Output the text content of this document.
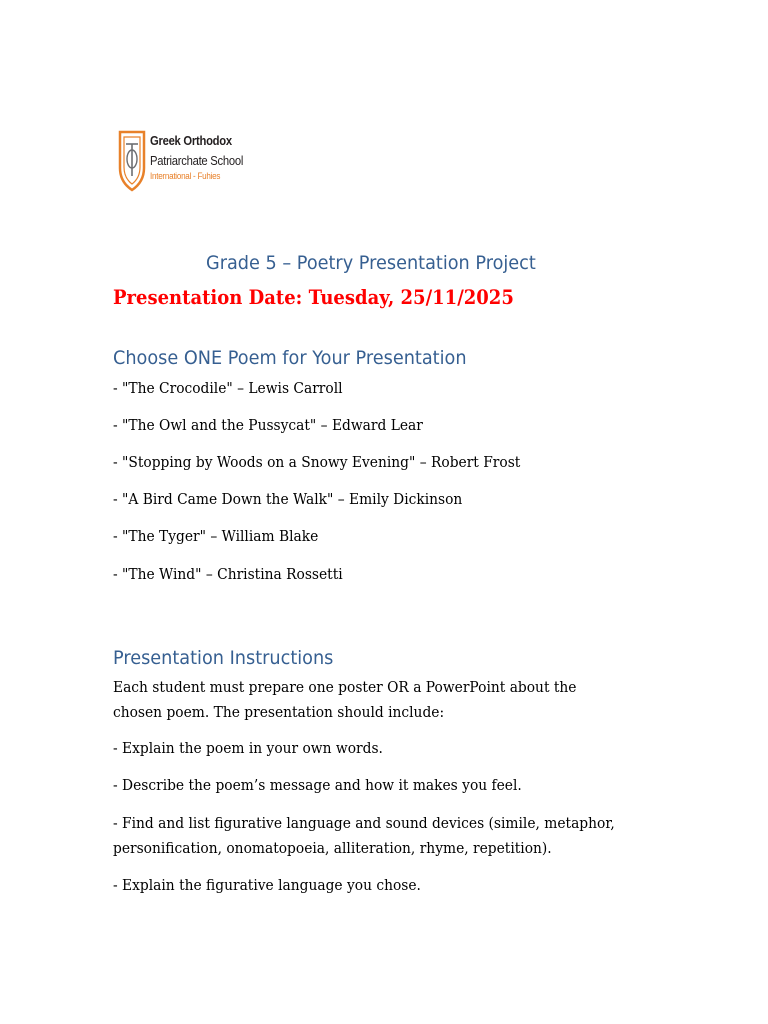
Greek Orthodox
Patriarchate School
International - Fuhies
Grade 5 – Poetry Presentation Project
Presentation Date: Tuesday, 25/11/2025
Choose ONE Poem for Your Presentation
- "The Crocodile" – Lewis Carroll
- "The Owl and the Pussycat" – Edward Lear
- "Stopping by Woods on a Snowy Evening" – Robert Frost
- "A Bird Came Down the Walk" – Emily Dickinson
- "The Tyger" – William Blake
- "The Wind" – Christina Rossetti
Presentation Instructions
Each student must prepare one poster OR a PowerPoint about the
chosen poem. The presentation should include:
- Explain the poem in your own words.
- Describe the poem’s message and how it makes you feel.
- Find and list figurative language and sound devices (simile, metaphor,
personification, onomatopoeia, alliteration, rhyme, repetition).
- Explain the figurative language you chose.
